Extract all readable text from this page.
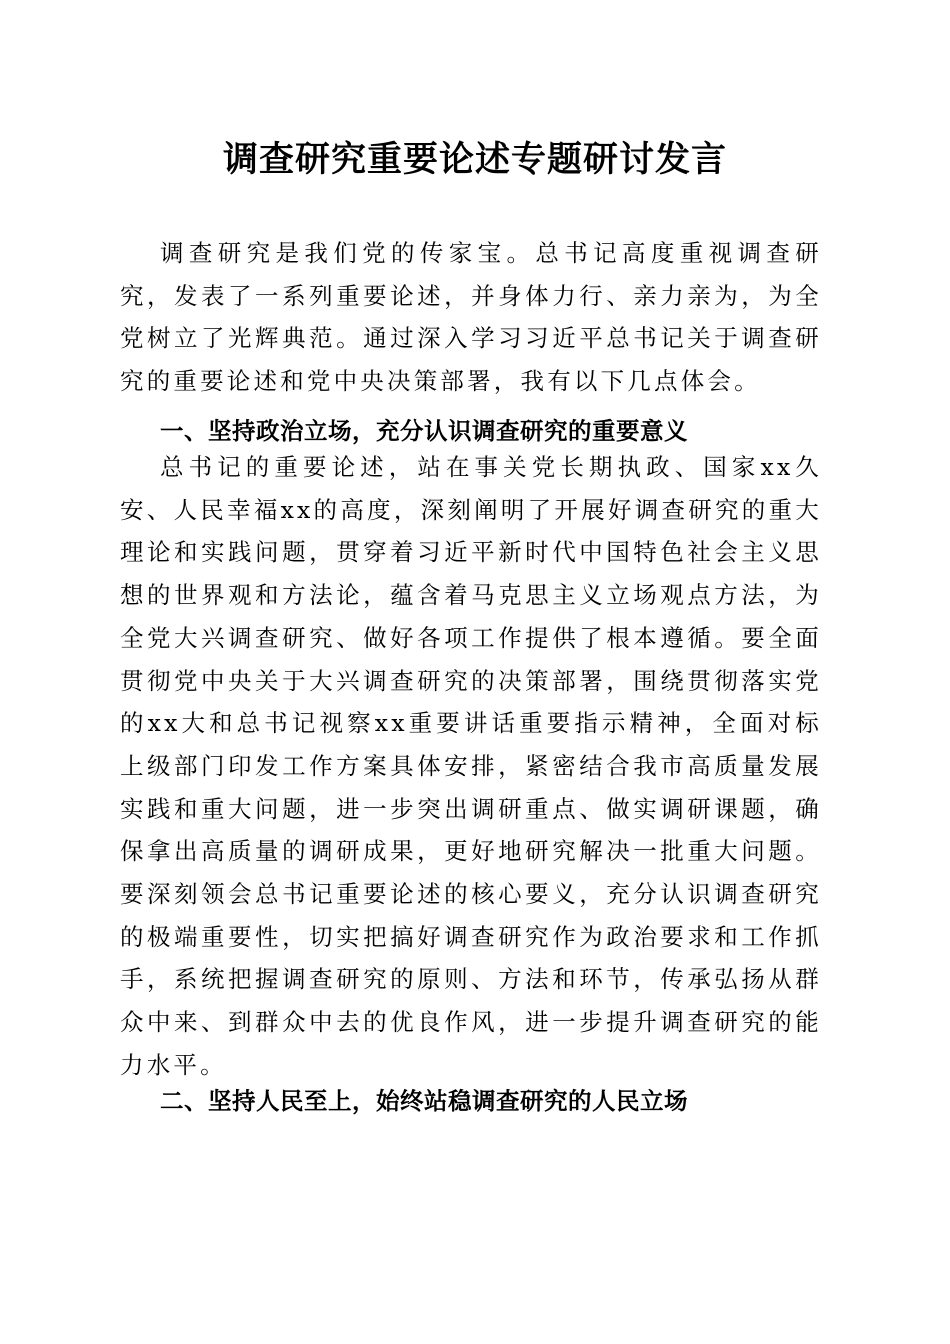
调查研究重要论述专题研讨发言

调查研究是我们党的传家宝。总书记高度重视调查研究，发表了一系列重要论述，并身体力行、亲力亲为，为全党树立了光辉典范。通过深入学习习近平总书记关于调查研究的重要论述和党中央决策部署，我有以下几点体会。

一、坚持政治立场，充分认识调查研究的重要意义

总书记的重要论述，站在事关党长期执政、国家xx久安、人民幸福xx的高度，深刻阐明了开展好调查研究的重大理论和实践问题，贯穿着习近平新时代中国特色社会主义思想的世界观和方法论，蕴含着马克思主义立场观点方法，为全党大兴调查研究、做好各项工作提供了根本遵循。要全面贯彻党中央关于大兴调查研究的决策部署，围绕贯彻落实党的xx大和总书记视察xx重要讲话重要指示精神，全面对标上级部门印发工作方案具体安排，紧密结合我市高质量发展实践和重大问题，进一步突出调研重点、做实调研课题，确保拿出高质量的调研成果，更好地研究解决一批重大问题。要深刻领会总书记重要论述的核心要义，充分认识调查研究的极端重要性，切实把搞好调查研究作为政治要求和工作抓手，系统把握调查研究的原则、方法和环节，传承弘扬从群众中来、到群众中去的优良作风，进一步提升调查研究的能力水平。

二、坚持人民至上，始终站稳调查研究的人民立场
